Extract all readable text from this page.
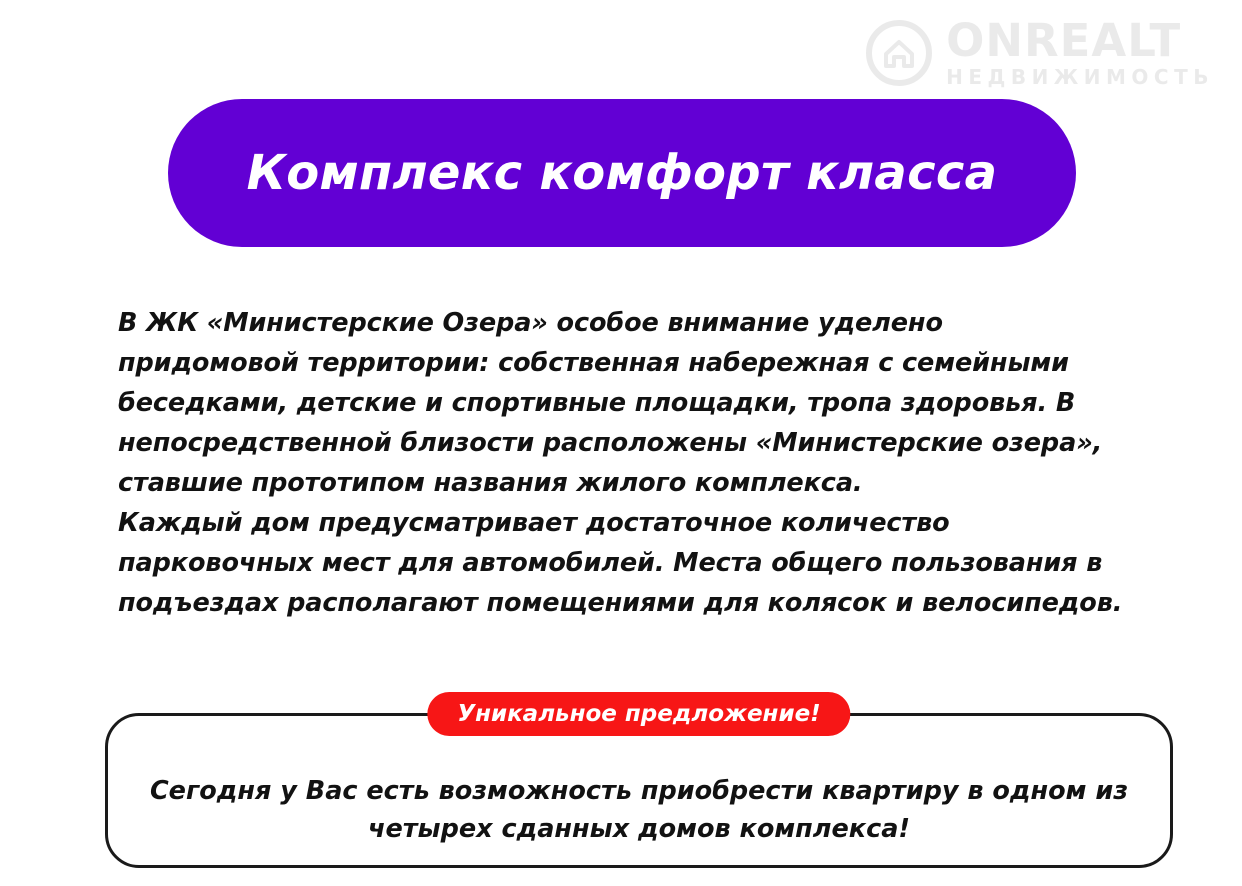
ONREALT
НЕДВИЖИМОСТЬ
Комплекс комфорт класса

В ЖК «Министерские Озера» особое внимание уделено придомовой территории: собственная набережная с семейными беседками, детские и спортивные площадки, тропа здоровья. В непосредственной близости расположены «Министерские озера», ставшие прототипом названия жилого комплекса.

Каждый дом предусматривает достаточное количество парковочных мест для автомобилей. Места общего пользования в подъездах располагают помещениями для колясок и велосипедов.

Уникальное предложение!
Сегодня у Вас есть возможность приобрести квартиру в одном из четырех сданных домов комплекса!
